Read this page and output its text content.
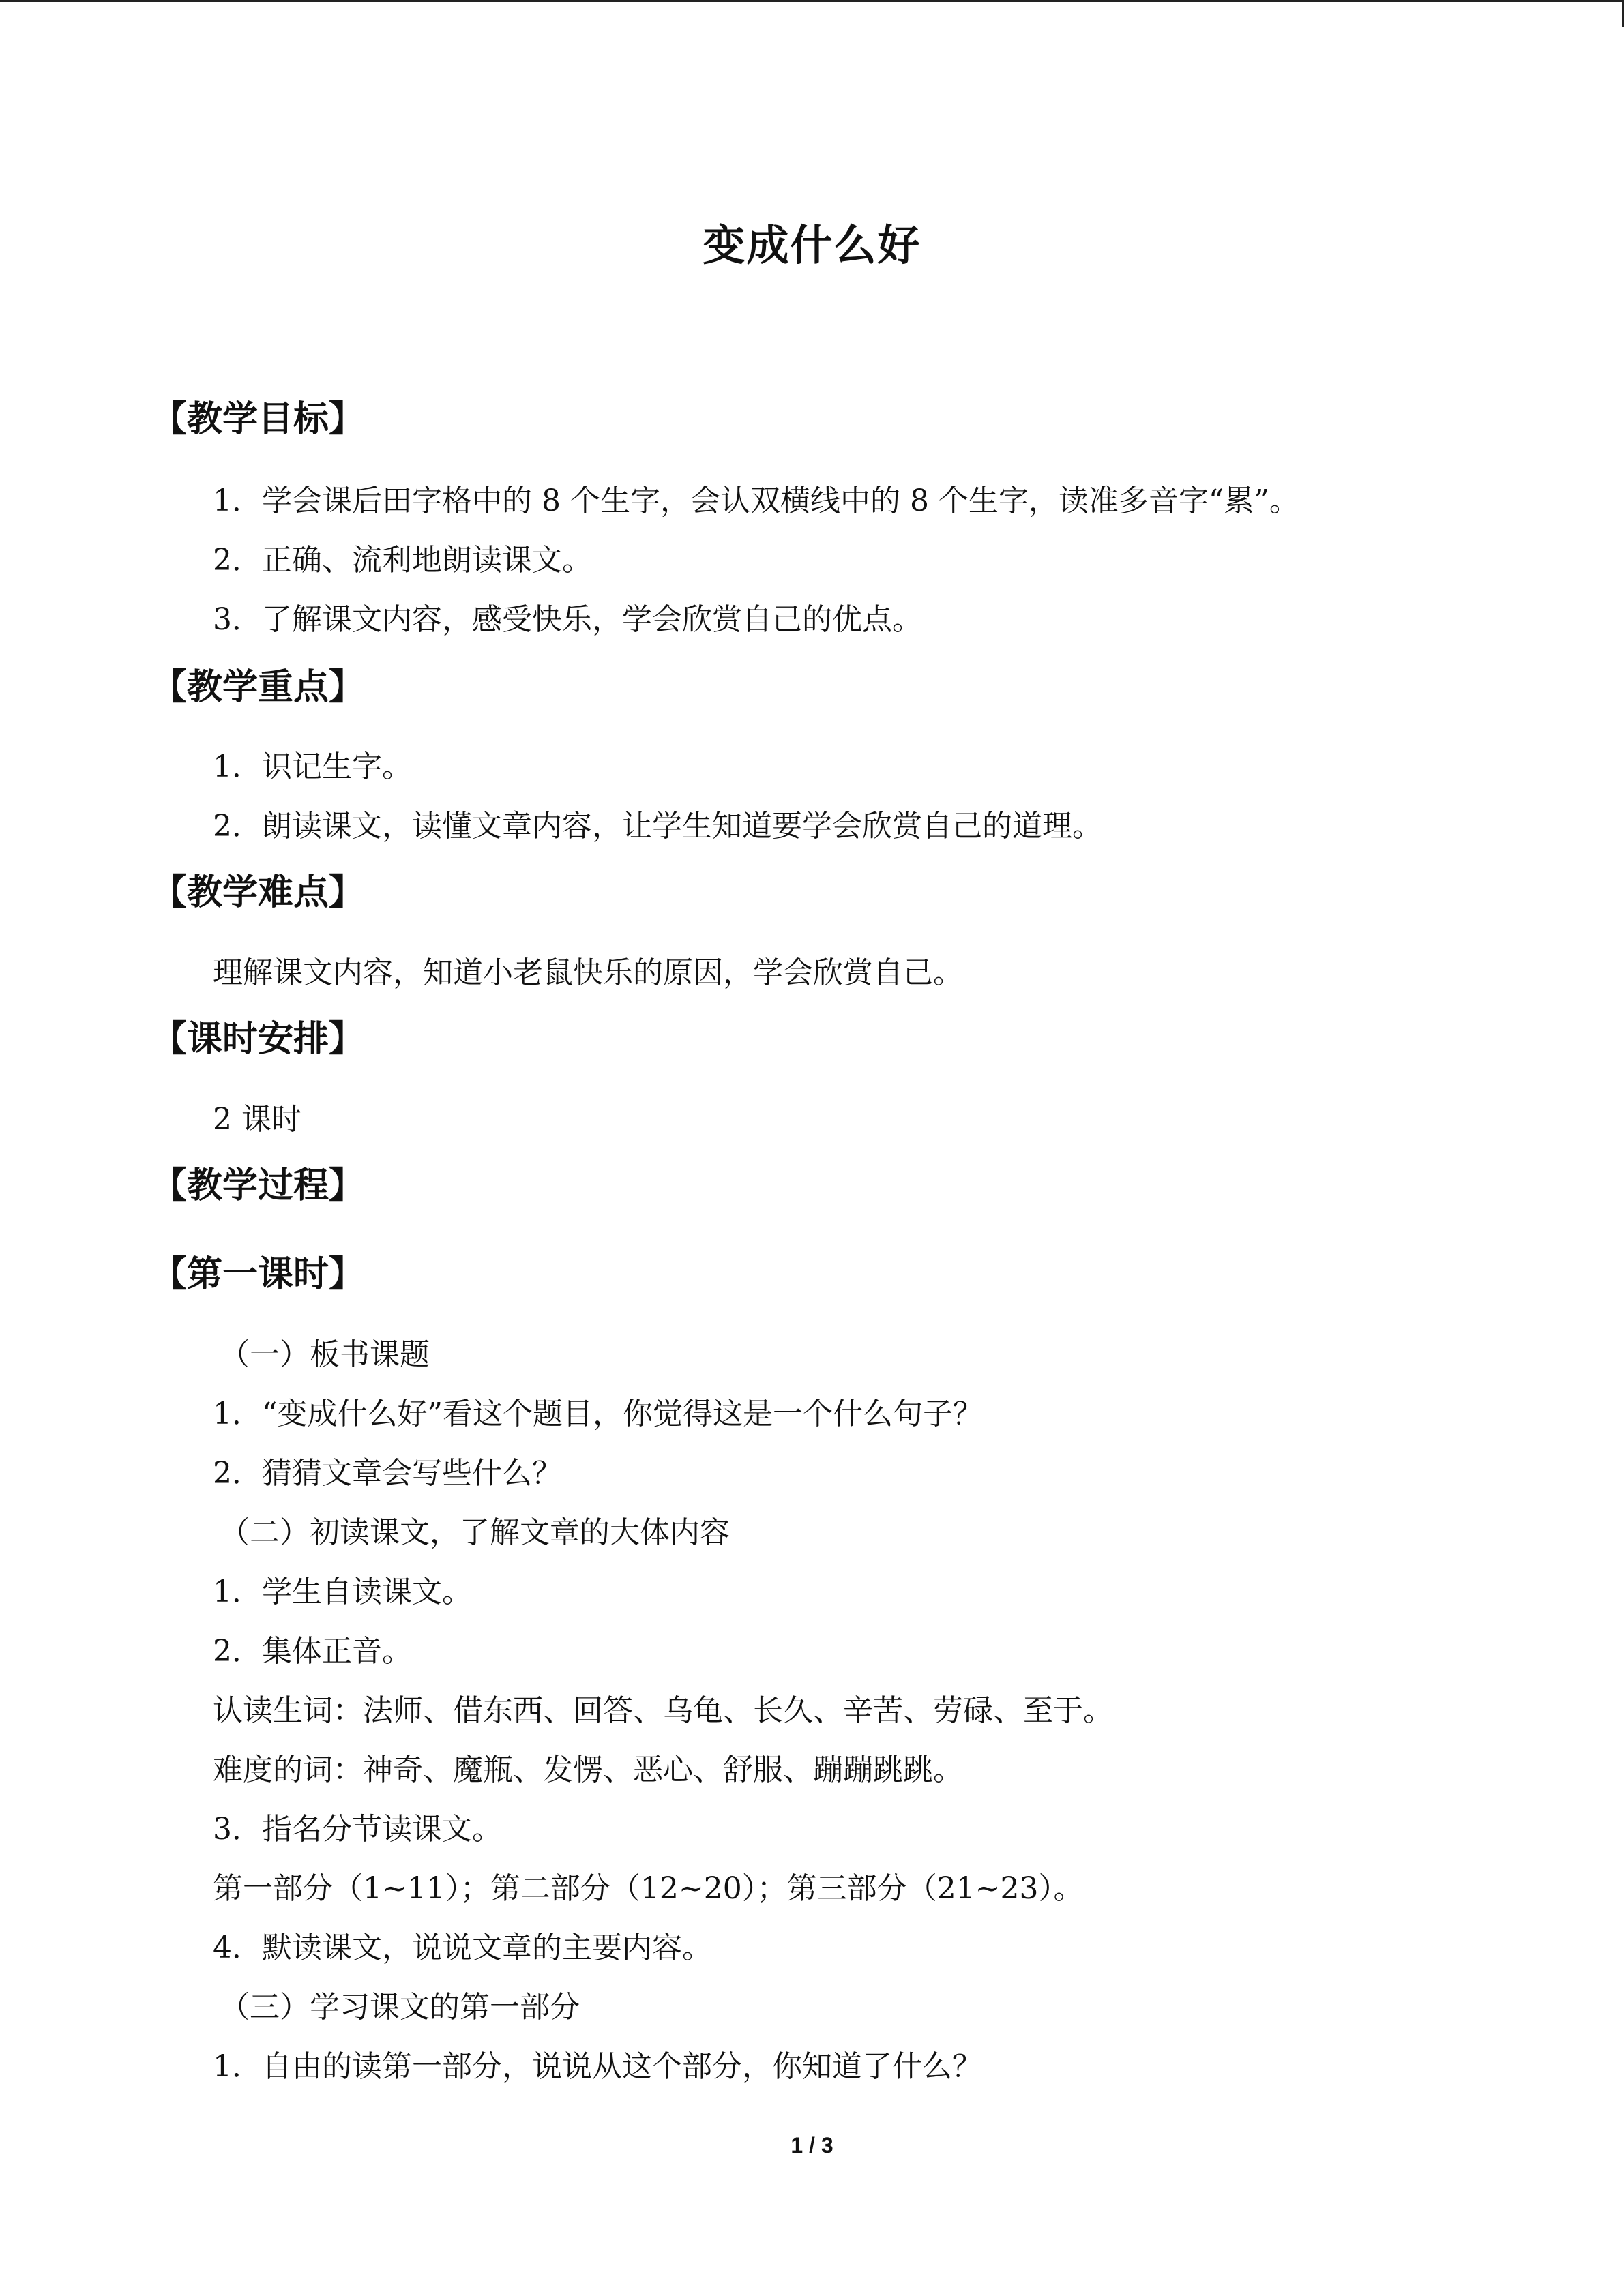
变成什么好
【教学目标】
1．学会课后田字格中的 8 个生字，会认双横线中的 8 个生字，读准多音字“累”。
2．正确、流利地朗读课文。
3．了解课文内容，感受快乐，学会欣赏自己的优点。
【教学重点】
1．识记生字。
2．朗读课文，读懂文章内容，让学生知道要学会欣赏自己的道理。
【教学难点】
理解课文内容，知道小老鼠快乐的原因，学会欣赏自己。
【课时安排】
2 课时
【教学过程】
【第一课时】
（一）板书课题
1．“变成什么好”看这个题目，你觉得这是一个什么句子？
2．猜猜文章会写些什么？
（二）初读课文，了解文章的大体内容
1．学生自读课文。
2．集体正音。
认读生词：法师、借东西、回答、乌龟、长久、辛苦、劳碌、至于。
难度的词：神奇、魔瓶、发愣、恶心、舒服、蹦蹦跳跳。
3．指名分节读课文。
第一部分（1~11）；第二部分（12~20）；第三部分（21~23）。
4．默读课文，说说文章的主要内容。
（三）学习课文的第一部分
1．自由的读第一部分，说说从这个部分，你知道了什么？
1 / 3
